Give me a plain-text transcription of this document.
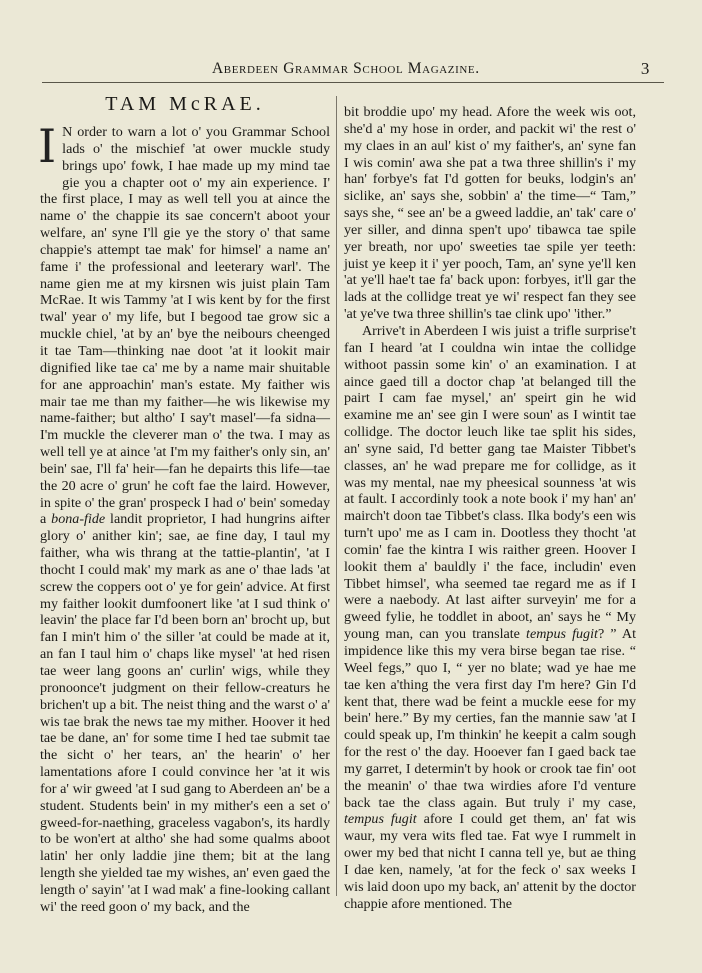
Aberdeen Grammar School Magazine.	3
TAM McRAE.

I N order to warn a lot o' you Grammar School lads o' the mischief 'at ower muckle study brings upo' fowk, I hae made up my mind tae gie you a chapter oot o' my ain experience. I' the first place, I may as well tell you at aince the name o' the chappie its sae concern't aboot your welfare, an' syne I'll gie ye the story o' that same chappie's attempt tae mak' for himsel' a name an' fame i' the professional and leeterary warl'. The name gien me at my kirsnen wis juist plain Tam McRae. It wis Tammy 'at I wis kent by for the first twal' year o' my life, but I begood tae grow sic a muckle chiel, 'at by an' bye the neibours cheenged it tae Tam—thinking nae doot 'at it lookit mair dignified like tae ca' me by a name mair shuitable for ane approachin' man's estate. My faither wis mair tae me than my faither—he wis likewise my name-faither; but altho' I say't masel'—fa sidna—I'm muckle the cleverer man o' the twa. I may as well tell ye at aince 'at I'm my faither's only sin, an' bein' sae, I'll fa' heir—fan he depairts this life—tae the 20 acre o' grun' he coft fae the laird. However, in spite o' the gran' prospeck I had o' bein' someday a bona-fide landit proprietor, I had hungrins aifter glory o' anither kin'; sae, ae fine day, I taul my faither, wha wis thrang at the tattie-plantin', 'at I thocht I could mak' my mark as ane o' thae lads 'at screw the coppers oot o' ye for gein' advice. At first my faither lookit dumfoonert like 'at I sud think o' leavin' the place far I'd been born an' brocht up, but fan I min't him o' the siller 'at could be made at it, an fan I taul him o' chaps like mysel' 'at hed risen tae weer lang goons an' curlin' wigs, while they pronoonce't judgment on their fellow-creaturs he brichen't up a bit. The neist thing and the warst o' a' wis tae brak the news tae my mither. Hoover it hed tae be dane, an' for some time I hed tae submit tae the sicht o' her tears, an' the hearin' o' her lamentations afore I could convince her 'at it wis for a' wir gweed 'at I sud gang to Aberdeen an' be a student. Students bein' in my mither's een a set o' gweed-for-naething, graceless vagabon's, its hardly to be won'ert at altho' she had some qualms aboot latin' her only laddie jine them; bit at the lang length she yielded tae my wishes, an' even gaed the length o' sayin' 'at I wad mak' a fine-looking callant wi' the reed goon o' my back, and the

bit broddie upo' my head. Afore the week wis oot, she'd a' my hose in order, and packit wi' the rest o' my claes in an aul' kist o' my faither's, an' syne fan I wis comin' awa she pat a twa three shillin's i' my han' forbye's fat I'd gotten for beuks, lodgin's an' siclike, an' says she, sobbin' a' the time—“ Tam,” says she, “ see an' be a gweed laddie, an' tak' care o' yer siller, and dinna spen't upo' tibawca tae spile yer breath, nor upo' sweeties tae spile yer teeth: juist ye keep it i' yer pooch, Tam, an' syne ye'll ken 'at ye'll hae't tae fa' back upon: forbyes, it'll gar the lads at the collidge treat ye wi' respect fan they see 'at ye've twa three shillin's tae clink upo' 'ither.”

Arrive't in Aberdeen I wis juist a trifle surprise't fan I heard 'at I couldna win intae the collidge withoot passin some kin' o' an examination. I at aince gaed till a doctor chap 'at belanged till the pairt I cam fae mysel,' an' speirt gin he wid examine me an' see gin I were soun' as I wintit tae collidge. The doctor leuch like tae split his sides, an' syne said, I'd better gang tae Maister Tibbet's classes, an' he wad prepare me for collidge, as it was my mental, nae my pheesical sounness 'at wis at fault. I accordinly took a note book i' my han' an' mairch't doon tae Tibbet's class. Ilka body's een wis turn't upo' me as I cam in. Dootless they thocht 'at comin' fae the kintra I wis raither green. Hoover I lookit them a' bauldly i' the face, includin' even Tibbet himsel', wha seemed tae regard me as if I were a naebody. At last aifter surveyin' me for a gweed fylie, he toddlet in aboot, an' says he “ My young man, can you translate tempus fugit? ” At impidence like this my vera birse began tae rise. “ Weel fegs,” quo I, “ yer no blate; wad ye hae me tae ken a'thing the vera first day I'm here? Gin I'd kent that, there wad be feint a muckle eese for my bein' here.” By my certies, fan the mannie saw 'at I could speak up, I'm thinkin' he keepit a calm sough for the rest o' the day. Hooever fan I gaed back tae my garret, I determin't by hook or crook tae fin' oot the meanin' o' thae twa wirdies afore I'd venture back tae the class again. But truly i' my case, tempus fugit afore I could get them, an' fat wis waur, my vera wits fled tae. Fat wye I rummelt in ower my bed that nicht I canna tell ye, but ae thing I dae ken, namely, 'at for the feck o' sax weeks I wis laid doon upo my back, an' attenit by the doctor chappie afore mentioned. The
